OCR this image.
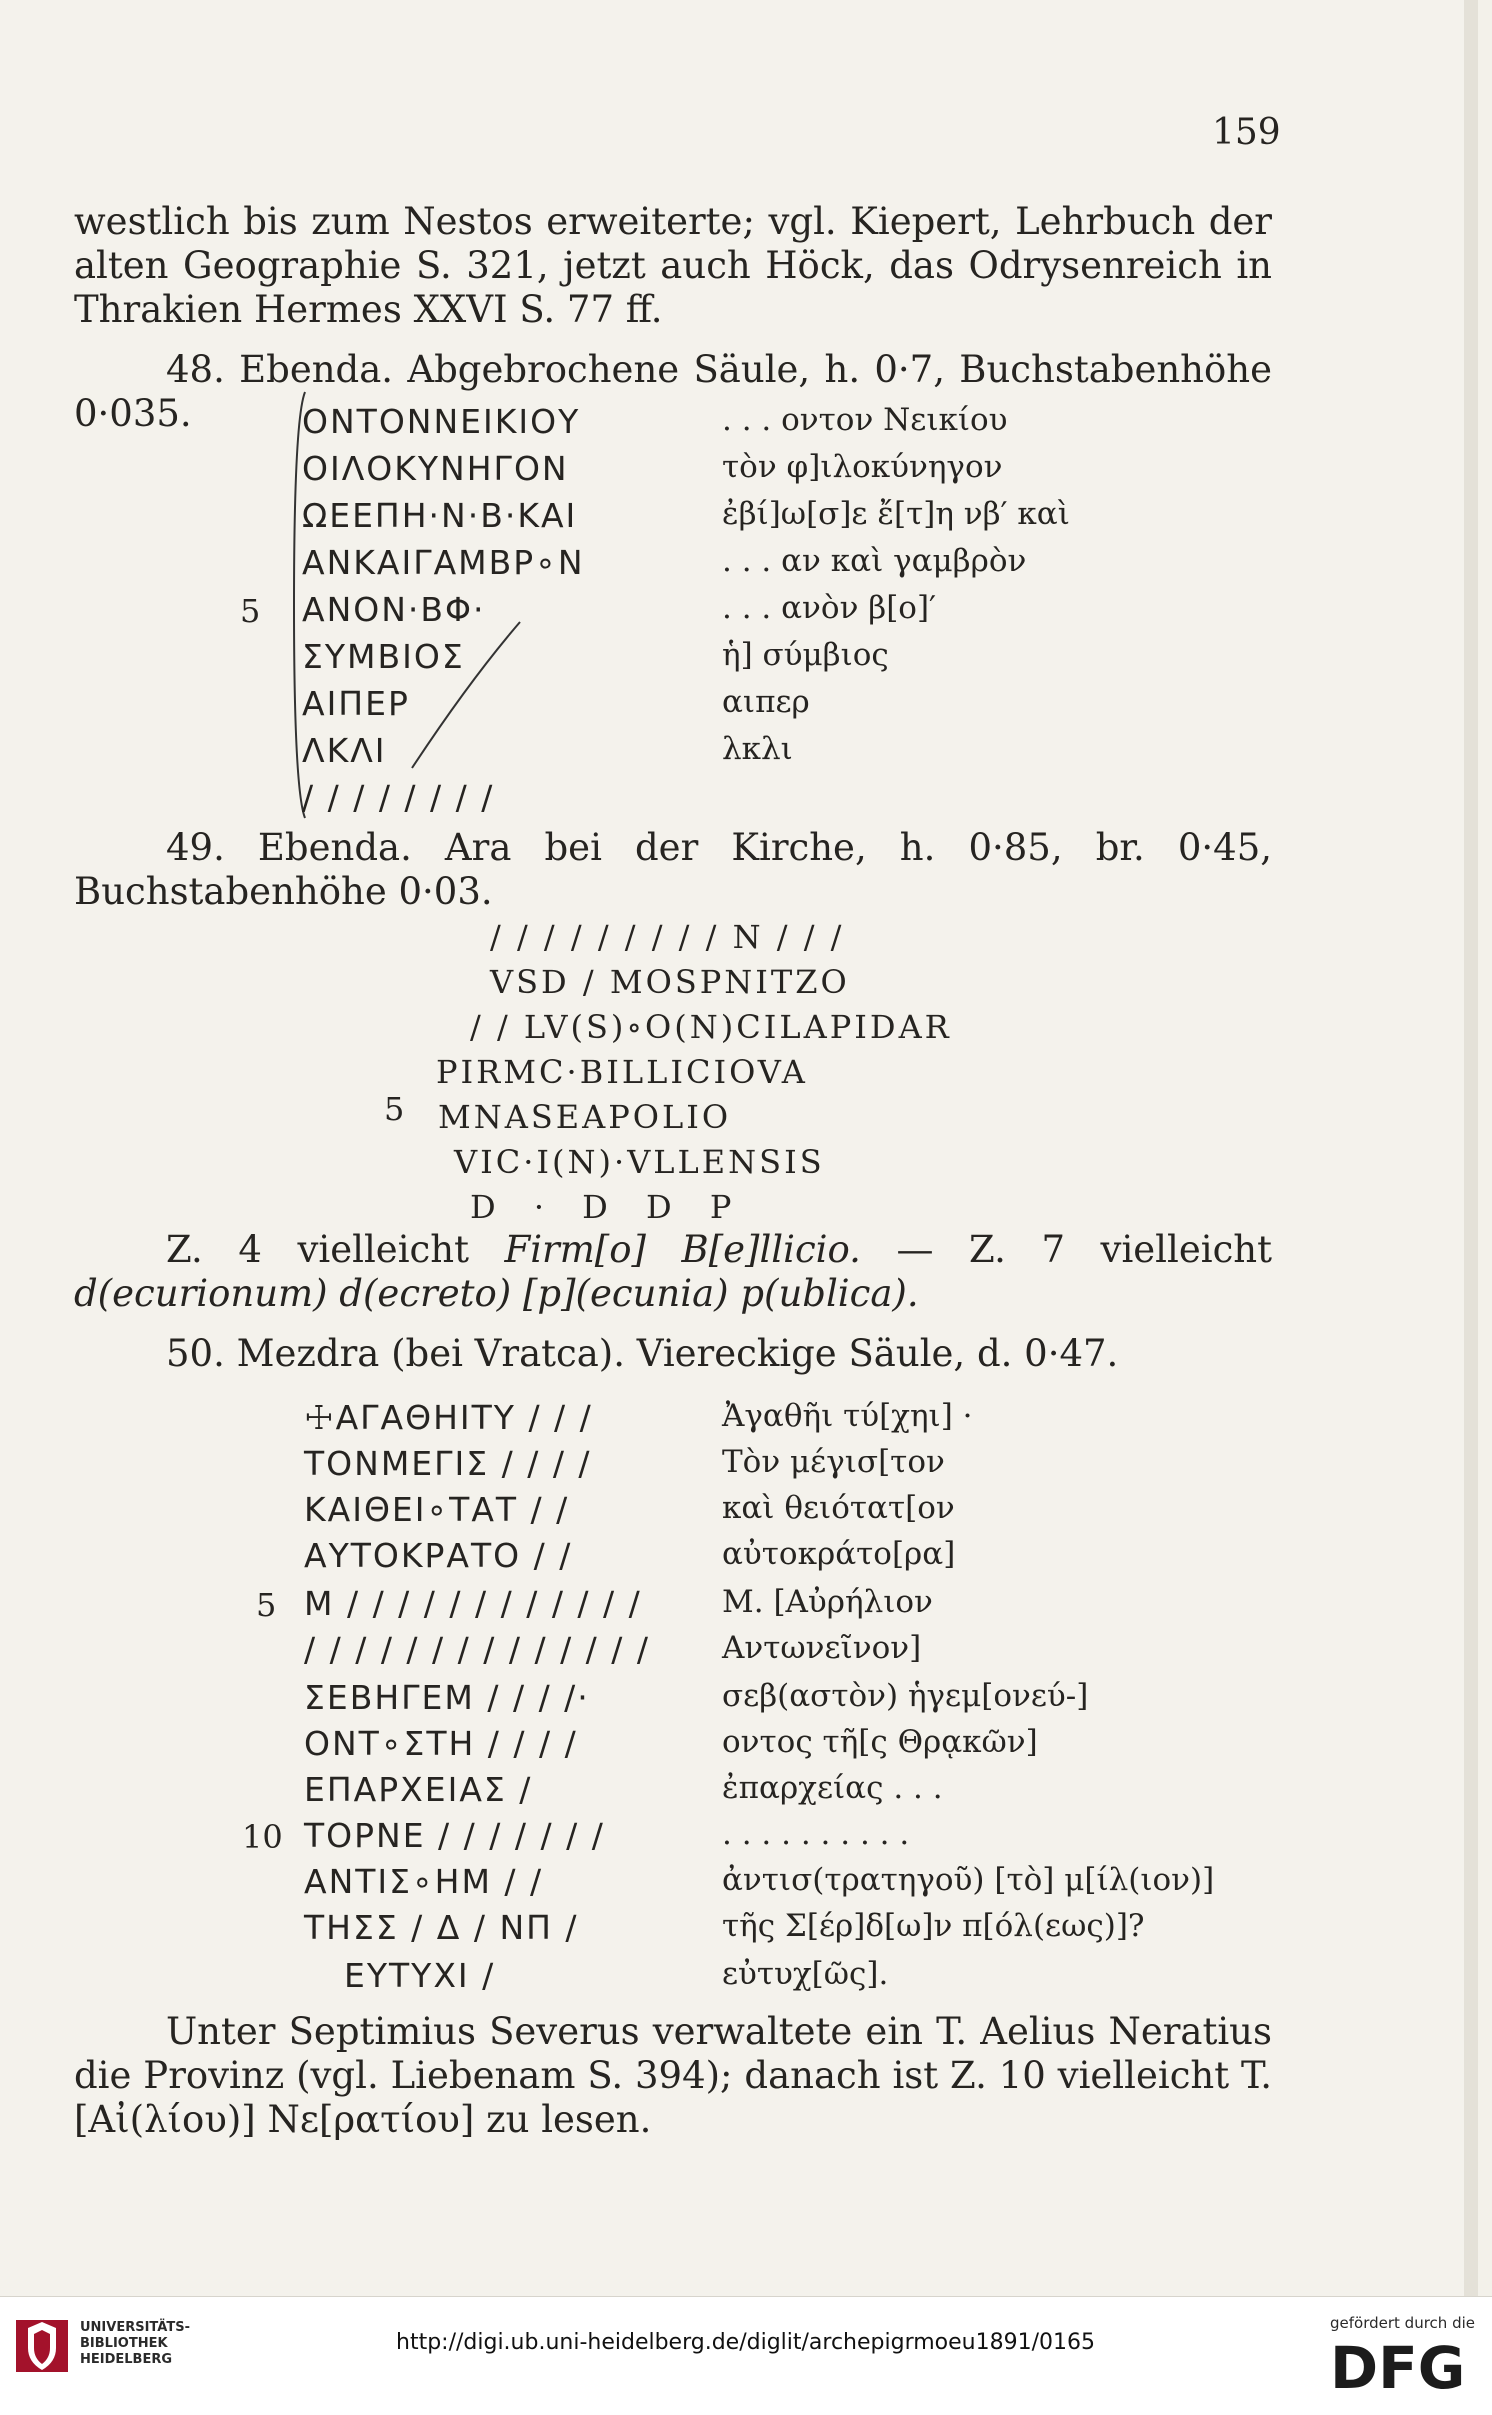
159

westlich bis zum Nestos erweiterte; vgl. Kiepert, Lehrbuch der alten Geographie S. 321, jetzt auch Höck, das Odrysenreich in Thrakien Hermes XXVI S. 77 ff.

48. Ebenda. Abgebrochene Säule, h. 0·7, Buchstabenhöhe 0·035.

5
ΟΝΤΟΝΝΕΙΚΙΟΥ
ΟΙΛΟΚΥΝΗΓΟΝ
ΩΕΕΠΗ·Ν·Β·ΚΑΙ
ΑΝΚΑΙΓΑΜΒΡ∘Ν
ΑΝΟΝ·ΒΦ·
ΣΥΜΒΙΟΣ
ΑΙΠΕΡ
ΛΚΛΙ
/ / / / / / / /
. . . οντον Νεικίου
τὸν φ]ιλοκύνηγον
ἐβί]ω[σ]ε ἔ[τ]η νβ′ καὶ
. . . αν καὶ γαμβρὸν
. . . ανὸν β[ο]′
ἡ] σύμβιος
αιπερ
λκλι

49. Ebenda. Ara bei der Kirche, h. 0·85, br. 0·45, Buchstabenhöhe 0·03.

5
/ / / / / / / / / N / / /
VSD / MOSPNITZO
/ / LV(S)∘O(N)CILAPIDAR
PIRMC·BILLICIOVA
MNASEAPOLIO
VIC·I(N)·VLLENSIS
D · D D P

Z. 4 vielleicht Firm[o] B[e]llicio. — Z. 7 vielleicht d(ecurionum) d(ecreto) [p](ecunia) p(ublica).

50. Mezdra (bei Vratca). Viereckige Säule, d. 0·47.

5
10
☩ΑΓΑΘΗΙΤΥ / / /
ΤΟΝΜΕΓΙΣ / / / /
ΚΑΙΘΕΙ∘ΤΑΤ / /
ΑΥΤΟΚΡΑΤΟ / /
Μ / / / / / / / / / / / /
/ / / / / / / / / / / / / /
ΣΕΒΗΓΕΜ / / / /·
ΟΝΤ∘ΣΤΗ / / / /
ΕΠΑΡΧΕΙΑΣ /
ΤΟΡΝΕ / / / / / / /
ΑΝΤΙΣ∘ΗΜ / /
ΤΗΣΣ / Δ / ΝΠ /
ΕΥΤΥΧΙ /
Ἀγαθῆι τύ[χηι] ·
Τὸν μέγισ[τον
καὶ θειότατ[ον
αὐτοκράτο[ρα]
Μ. [Αὐρήλιον
Αντωνεῖνον]
σεβ(αστὸν) ἡγεμ[ονεύ-]
οντος τῆ[ς Θρᾳκῶν]
ἐπαρχείας . . .
. . . . . . . . . .
ἀντισ(τρατηγοῦ) [τὸ] μ[ίλ(ιον)]
τῆς Σ[έρ]δ[ω]ν π[όλ(εως)]?
εὐτυχ[ῶς].

Unter Septimius Severus verwaltete ein T. Aelius Neratius die Provinz (vgl. Liebenam S. 394); danach ist Z. 10 vielleicht T. [Αἰ(λίου)] Νε[ρατίου] zu lesen.

UNIVERSITÄTS-
BIBLIOTHEK
HEIDELBERG
http://digi.ub.uni-heidelberg.de/diglit/archepigrmoeu1891/0165
gefördert durch die
DFG
